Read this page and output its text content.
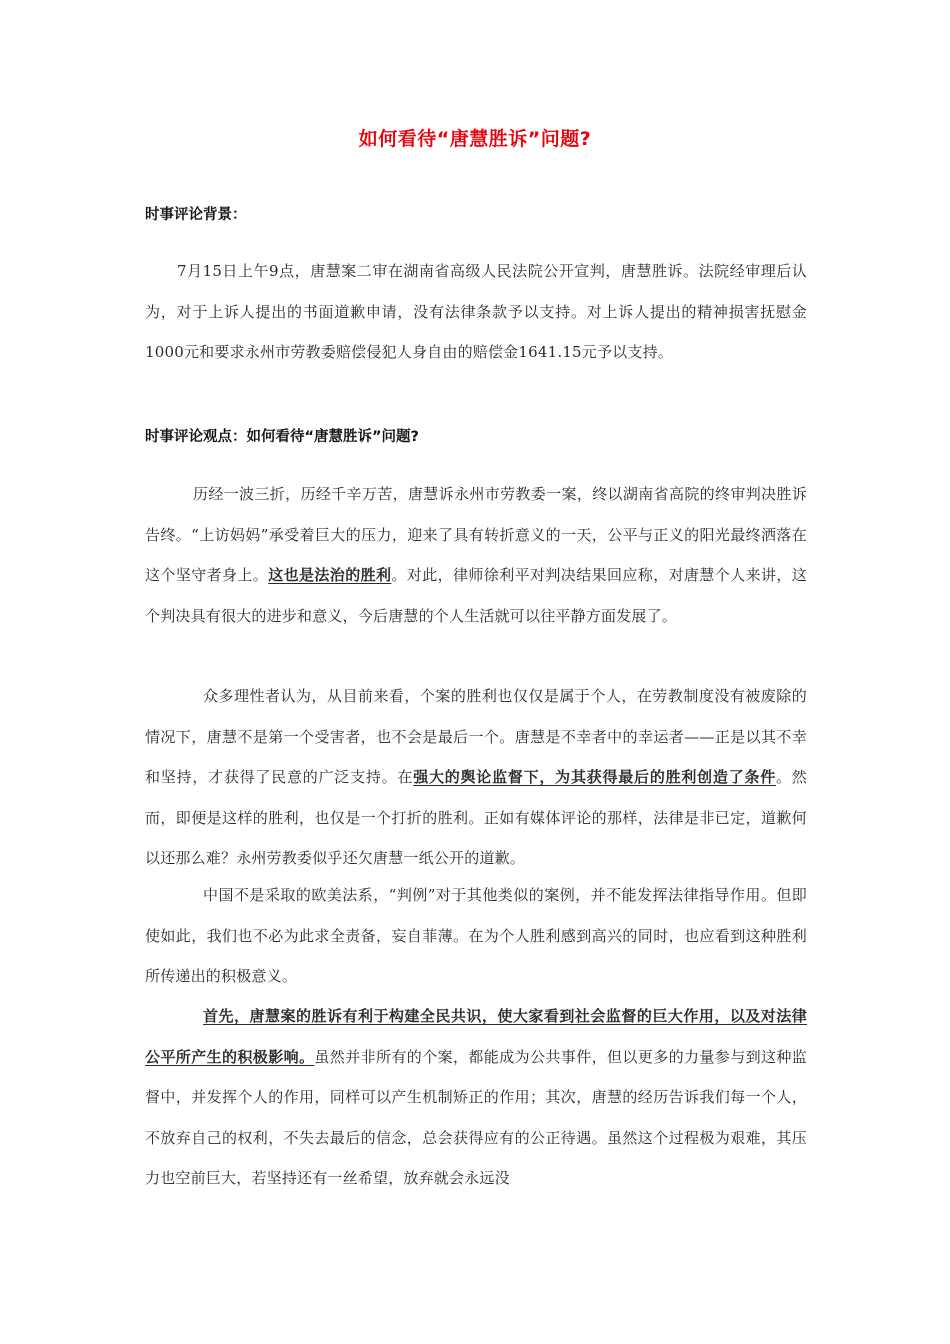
如何看待“唐慧胜诉”问题?
时事评论背景：
7月15日上午9点，唐慧案二审在湖南省高级人民法院公开宣判，唐慧胜诉。法院经审理后认为，对于上诉人提出的书面道歉申请，没有法律条款予以支持。对上诉人提出的精神损害抚慰金1000元和要求永州市劳教委赔偿侵犯人身自由的赔偿金1641.15元予以支持。
时事评论观点：如何看待“唐慧胜诉”问题?
历经一波三折，历经千辛万苦，唐慧诉永州市劳教委一案，终以湖南省高院的终审判决胜诉告终。“上访妈妈”承受着巨大的压力，迎来了具有转折意义的一天，公平与正义的阳光最终洒落在这个坚守者身上。这也是法治的胜利。对此，律师徐利平对判决结果回应称，对唐慧个人来讲，这个判决具有很大的进步和意义，今后唐慧的个人生活就可以往平静方面发展了。
众多理性者认为，从目前来看，个案的胜利也仅仅是属于个人，在劳教制度没有被废除的情况下，唐慧不是第一个受害者，也不会是最后一个。唐慧是不幸者中的幸运者——正是以其不幸和坚持，才获得了民意的广泛支持。在强大的舆论监督下，为其获得最后的胜利创造了条件。然而，即便是这样的胜利，也仅是一个打折的胜利。正如有媒体评论的那样，法律是非已定，道歉何以还那么难？永州劳教委似乎还欠唐慧一纸公开的道歉。
中国不是采取的欧美法系，“判例”对于其他类似的案例，并不能发挥法律指导作用。但即使如此，我们也不必为此求全责备，妄自菲薄。在为个人胜利感到高兴的同时，也应看到这种胜利所传递出的积极意义。
首先，唐慧案的胜诉有利于构建全民共识，使大家看到社会监督的巨大作用，以及对法律公平所产生的积极影响。虽然并非所有的个案，都能成为公共事件，但以更多的力量参与到这种监督中，并发挥个人的作用，同样可以产生机制矫正的作用；其次，唐慧的经历告诉我们每一个人，不放弃自己的权利，不失去最后的信念，总会获得应有的公正待遇。虽然这个过程极为艰难，其压力也空前巨大，若坚持还有一丝希望，放弃就会永远没
